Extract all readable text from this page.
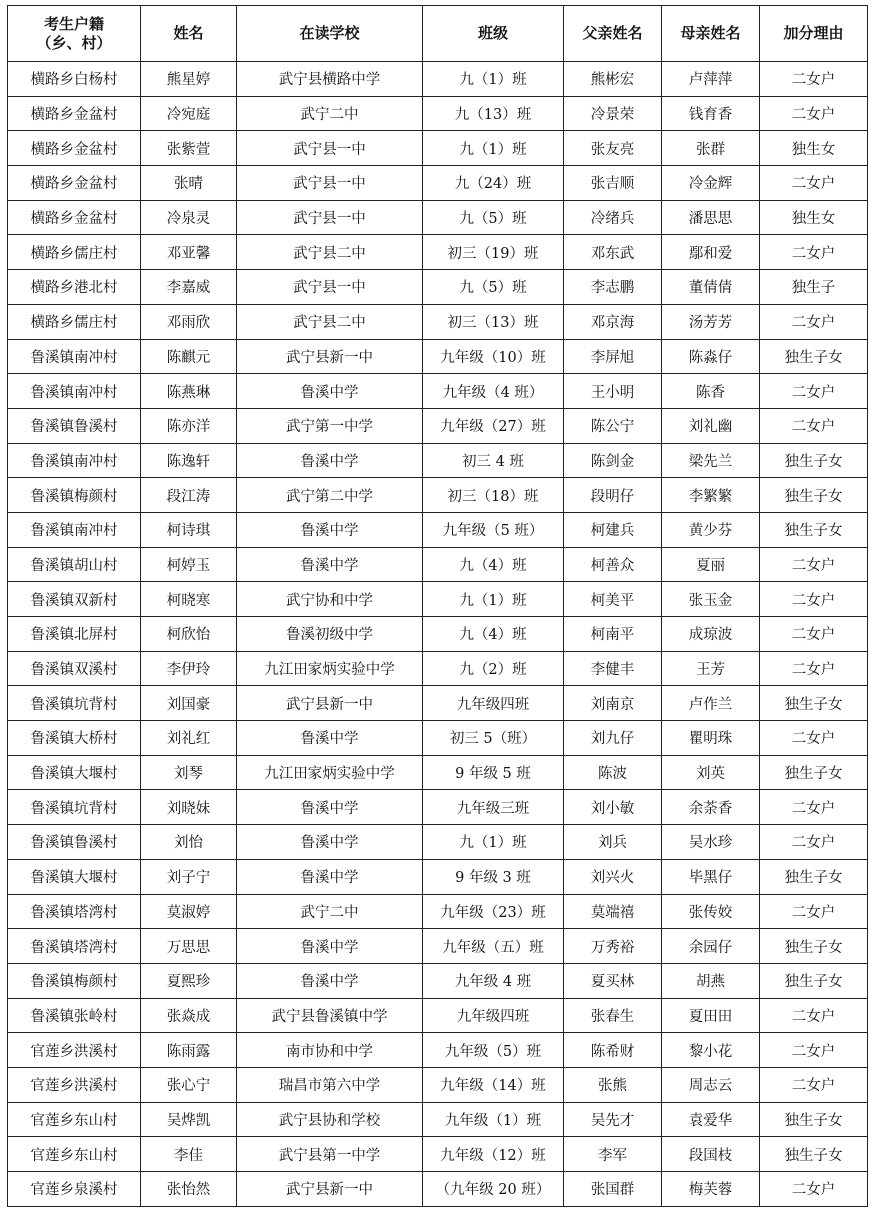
考生户籍
（乡、村）	姓名	在读学校	班级	父亲姓名	母亲姓名	加分理由

横路乡白杨村	熊星婷	武宁县横路中学	九（1）班	熊彬宏	卢萍萍	二女户
横路乡金盆村	冷宛庭	武宁二中	九（13）班	冷景荣	钱育香	二女户
横路乡金盆村	张紫萱	武宁县一中	九（1）班	张友亮	张群	独生女
横路乡金盆村	张晴	武宁县一中	九（24）班	张吉顺	冷金辉	二女户
横路乡金盆村	冷泉灵	武宁县一中	九（5）班	冷绪兵	潘思思	独生女
横路乡儒庄村	邓亚馨	武宁县二中	初三（19）班	邓东武	鄢和爱	二女户
横路乡港北村	李嘉威	武宁县一中	九（5）班	李志鹏	董倩倩	独生子
横路乡儒庄村	邓雨欣	武宁县二中	初三（13）班	邓京海	汤芳芳	二女户
鲁溪镇南冲村	陈麒元	武宁县新一中	九年级（10）班	李屏旭	陈淼仔	独生子女
鲁溪镇南冲村	陈燕琳	鲁溪中学	九年级（4 班）	王小明	陈香	二女户
鲁溪镇鲁溪村	陈亦洋	武宁第一中学	九年级（27）班	陈公宁	刘礼幽	二女户
鲁溪镇南冲村	陈逸轩	鲁溪中学	初三 4 班	陈剑金	梁先兰	独生子女
鲁溪镇梅颜村	段江涛	武宁第二中学	初三（18）班	段明仔	李繁繁	独生子女
鲁溪镇南冲村	柯诗琪	鲁溪中学	九年级（5 班）	柯建兵	黄少芬	独生子女
鲁溪镇胡山村	柯婷玉	鲁溪中学	九（4）班	柯善众	夏丽	二女户
鲁溪镇双新村	柯晓寒	武宁协和中学	九（1）班	柯美平	张玉金	二女户
鲁溪镇北屏村	柯欣怡	鲁溪初级中学	九（4）班	柯南平	成琼波	二女户
鲁溪镇双溪村	李伊玲	九江田家炳实验中学	九（2）班	李健丰	王芳	二女户
鲁溪镇坑背村	刘国豪	武宁县新一中	九年级四班	刘南京	卢作兰	独生子女
鲁溪镇大桥村	刘礼红	鲁溪中学	初三 5（班）	刘九仔	瞿明珠	二女户
鲁溪镇大堰村	刘琴	九江田家炳实验中学	9 年级 5 班	陈波	刘英	独生子女
鲁溪镇坑背村	刘晓妹	鲁溪中学	九年级三班	刘小敏	余荼香	二女户
鲁溪镇鲁溪村	刘怡	鲁溪中学	九（1）班	刘兵	吴水珍	二女户
鲁溪镇大堰村	刘子宁	鲁溪中学	9 年级 3 班	刘兴火	毕黑仔	独生子女
鲁溪镇塔湾村	莫淑婷	武宁二中	九年级（23）班	莫端禧	张传姣	二女户
鲁溪镇塔湾村	万思思	鲁溪中学	九年级（五）班	万秀裕	余园仔	独生子女
鲁溪镇梅颜村	夏熙珍	鲁溪中学	九年级 4 班	夏买林	胡燕	独生子女
鲁溪镇张岭村	张焱成	武宁县鲁溪镇中学	九年级四班	张春生	夏田田	二女户
官莲乡洪溪村	陈雨露	南市协和中学	九年级（5）班	陈希财	黎小花	二女户
官莲乡洪溪村	张心宁	瑞昌市第六中学	九年级（14）班	张熊	周志云	二女户
官莲乡东山村	吴烨凯	武宁县协和学校	九年级（1）班	吴先才	袁爱华	独生子女
官莲乡东山村	李佳	武宁县第一中学	九年级（12）班	李军	段国枝	独生子女
官莲乡泉溪村	张怡然	武宁县新一中	（九年级 20 班）	张国群	梅芙蓉	二女户
